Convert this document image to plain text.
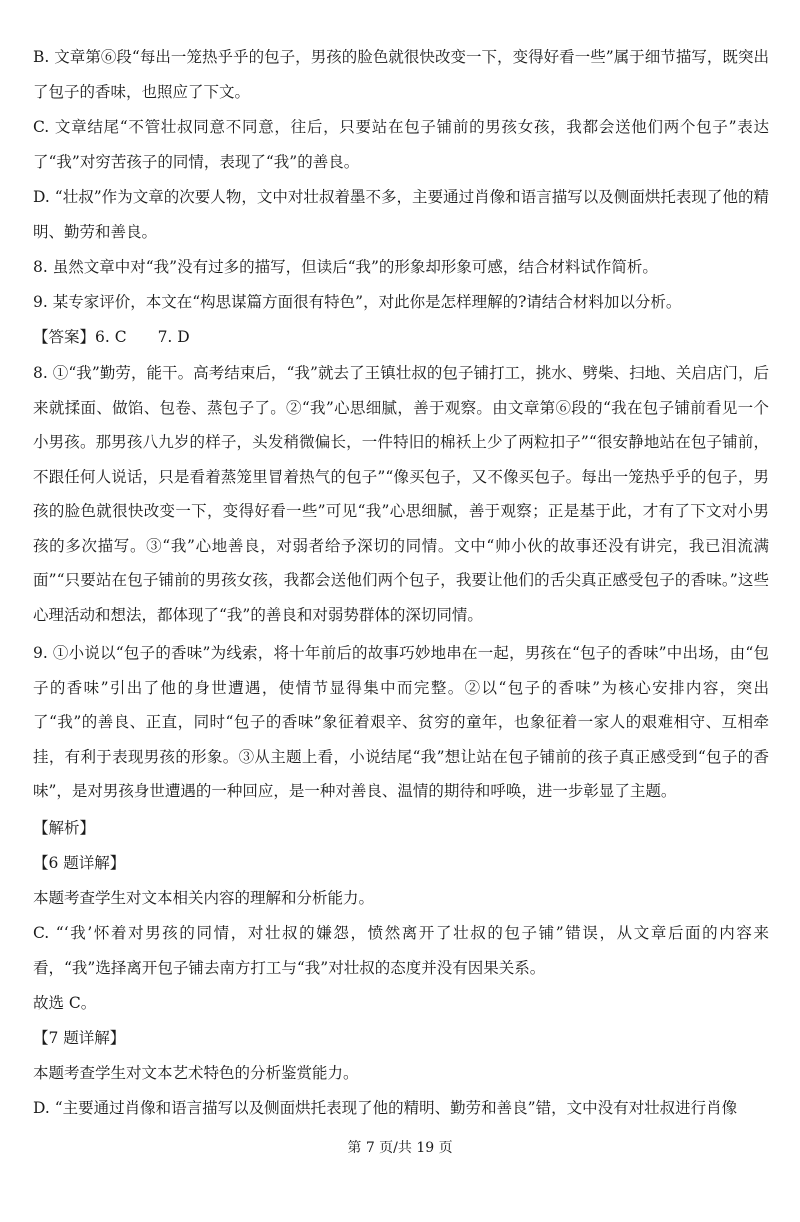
B. 文章第⑥段“每出一笼热乎乎的包子，男孩的脸色就很快改变一下，变得好看一些”属于细节描写，既突出了包子的香味，也照应了下文。

C. 文章结尾“不管壮叔同意不同意，往后，只要站在包子铺前的男孩女孩，我都会送他们两个包子”表达了“我”对穷苦孩子的同情，表现了“我”的善良。

D. “壮叔”作为文章的次要人物，文中对壮叔着墨不多，主要通过肖像和语言描写以及侧面烘托表现了他的精明、勤劳和善良。

8. 虽然文章中对“我”没有过多的描写，但读后“我”的形象却形象可感，结合材料试作简析。

9. 某专家评价，本文在“构思谋篇方面很有特色”，对此你是怎样理解的?请结合材料加以分析。

【答案】6. C　　7. D

8. ①“我”勤劳，能干。高考结束后，“我”就去了王镇壮叔的包子铺打工，挑水、劈柴、扫地、关启店门，后来就揉面、做馅、包卷、蒸包子了。②“我”心思细腻，善于观察。由文章第⑥段的“我在包子铺前看见一个小男孩。那男孩八九岁的样子，头发稍微偏长，一件特旧的棉袄上少了两粒扣子”“很安静地站在包子铺前，不跟任何人说话，只是看着蒸笼里冒着热气的包子”“像买包子，又不像买包子。每出一笼热乎乎的包子，男孩的脸色就很快改变一下，变得好看一些”可见“我”心思细腻，善于观察；正是基于此，才有了下文对小男孩的多次描写。③“我”心地善良，对弱者给予深切的同情。文中“帅小伙的故事还没有讲完，我已泪流满面”“只要站在包子铺前的男孩女孩，我都会送他们两个包子，我要让他们的舌尖真正感受包子的香味。”这些心理活动和想法，都体现了“我”的善良和对弱势群体的深切同情。

9. ①小说以“包子的香味”为线索，将十年前后的故事巧妙地串在一起，男孩在“包子的香味”中出场，由“包子的香味”引出了他的身世遭遇，使情节显得集中而完整。②以“包子的香味”为核心安排内容，突出了“我”的善良、正直，同时“包子的香味”象征着艰辛、贫穷的童年，也象征着一家人的艰难相守、互相牵挂，有利于表现男孩的形象。③从主题上看，小说结尾“我”想让站在包子铺前的孩子真正感受到“包子的香味”，是对男孩身世遭遇的一种回应，是一种对善良、温情的期待和呼唤，进一步彰显了主题。

【解析】

【6 题详解】

本题考查学生对文本相关内容的理解和分析能力。

C. “‘我’怀着对男孩的同情，对壮叔的嫌怨，愤然离开了壮叔的包子铺”错误，从文章后面的内容来看，“我”选择离开包子铺去南方打工与“我”对壮叔的态度并没有因果关系。

故选 C。

【7 题详解】

本题考查学生对文本艺术特色的分析鉴赏能力。

D. “主要通过肖像和语言描写以及侧面烘托表现了他的精明、勤劳和善良”错，文中没有对壮叔进行肖像

第 7 页/共 19 页
